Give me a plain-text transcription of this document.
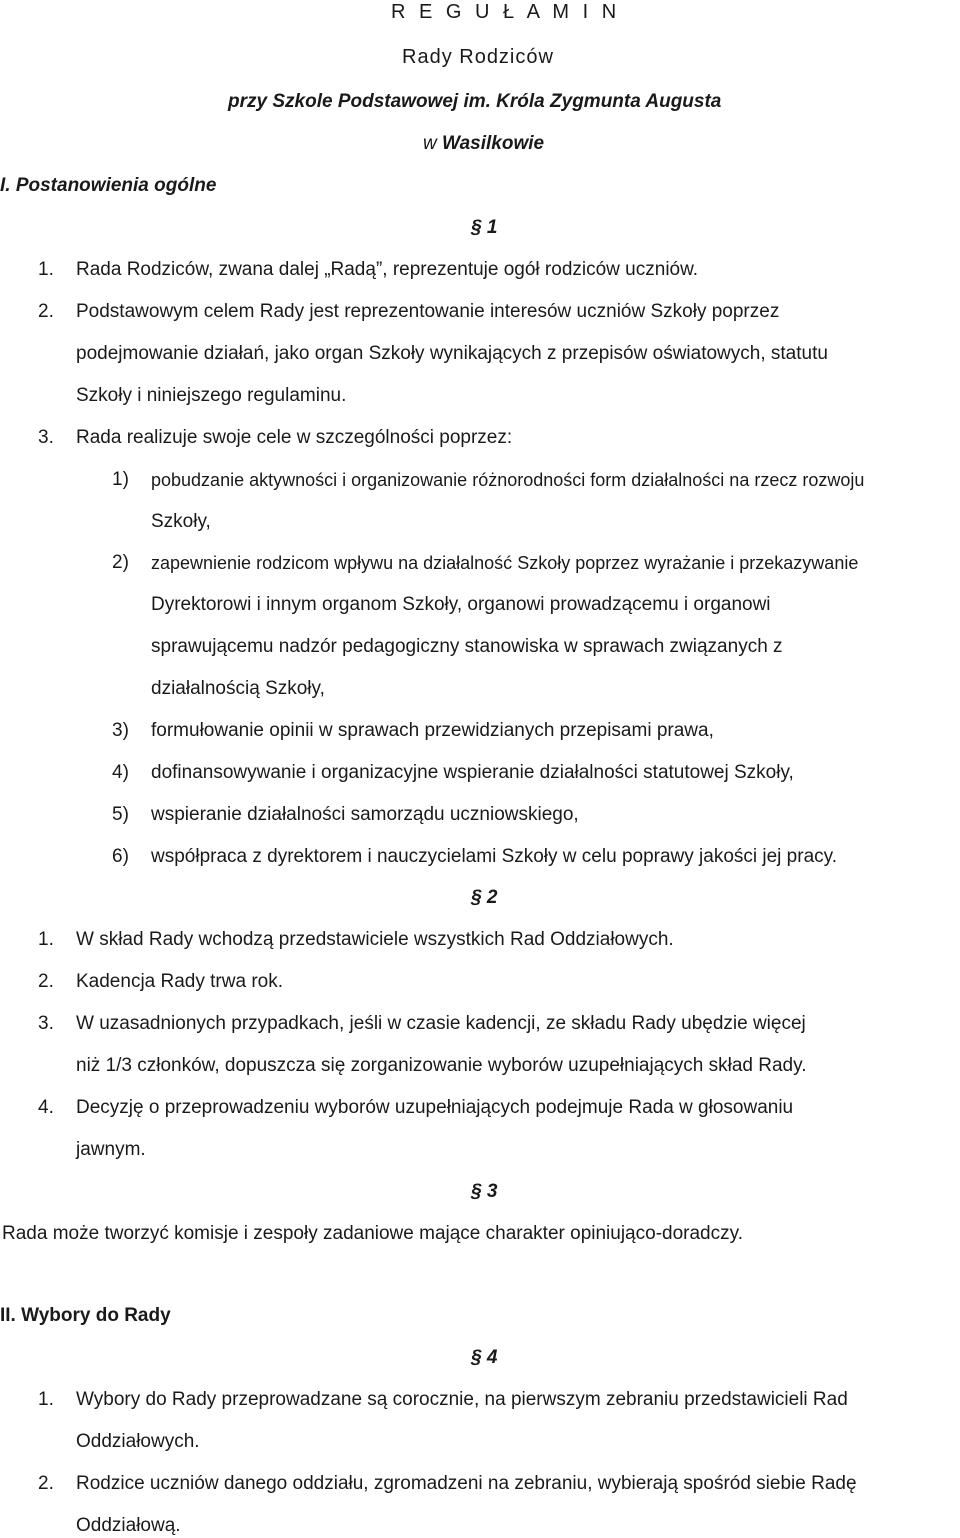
R E G U Ł A M I N
Rady Rodziców
przy Szkole Podstawowej im. Króla Zygmunta Augusta
w Wasilkowie
I. Postanowienia ogólne
§ 1
1. Rada Rodziców, zwana dalej „Radą”, reprezentuje ogół rodziców uczniów.
2. Podstawowym celem Rady jest reprezentowanie interesów uczniów Szkoły poprzez
podejmowanie działań, jako organ Szkoły wynikających z przepisów oświatowych, statutu
Szkoły i niniejszego regulaminu.
3. Rada realizuje swoje cele w szczególności poprzez:
1) pobudzanie aktywności i organizowanie różnorodności form działalności na rzecz rozwoju
Szkoły,
2) zapewnienie rodzicom wpływu na działalność Szkoły poprzez wyrażanie i przekazywanie
Dyrektorowi i innym organom Szkoły, organowi prowadzącemu i organowi
sprawującemu nadzór pedagogiczny stanowiska w sprawach związanych z
działalnością Szkoły,
3) formułowanie opinii w sprawach przewidzianych przepisami prawa,
4) dofinansowywanie i organizacyjne wspieranie działalności statutowej Szkoły,
5) wspieranie działalności samorządu uczniowskiego,
6) współpraca z dyrektorem i nauczycielami Szkoły w celu poprawy jakości jej pracy.
§ 2
1. W skład Rady wchodzą przedstawiciele wszystkich Rad Oddziałowych.
2. Kadencja Rady trwa rok.
3. W uzasadnionych przypadkach, jeśli w czasie kadencji, ze składu Rady ubędzie więcej
niż 1/3 członków, dopuszcza się zorganizowanie wyborów uzupełniających skład Rady.
4. Decyzję o przeprowadzeniu wyborów uzupełniających podejmuje Rada w głosowaniu
jawnym.
§ 3
Rada może tworzyć komisje i zespoły zadaniowe mające charakter opiniująco-doradczy.
II. Wybory do Rady
§ 4
1. Wybory do Rady przeprowadzane są corocznie, na pierwszym zebraniu przedstawicieli Rad
Oddziałowych.
2. Rodzice uczniów danego oddziału, zgromadzeni na zebraniu, wybierają spośród siebie Radę
Oddziałową.
